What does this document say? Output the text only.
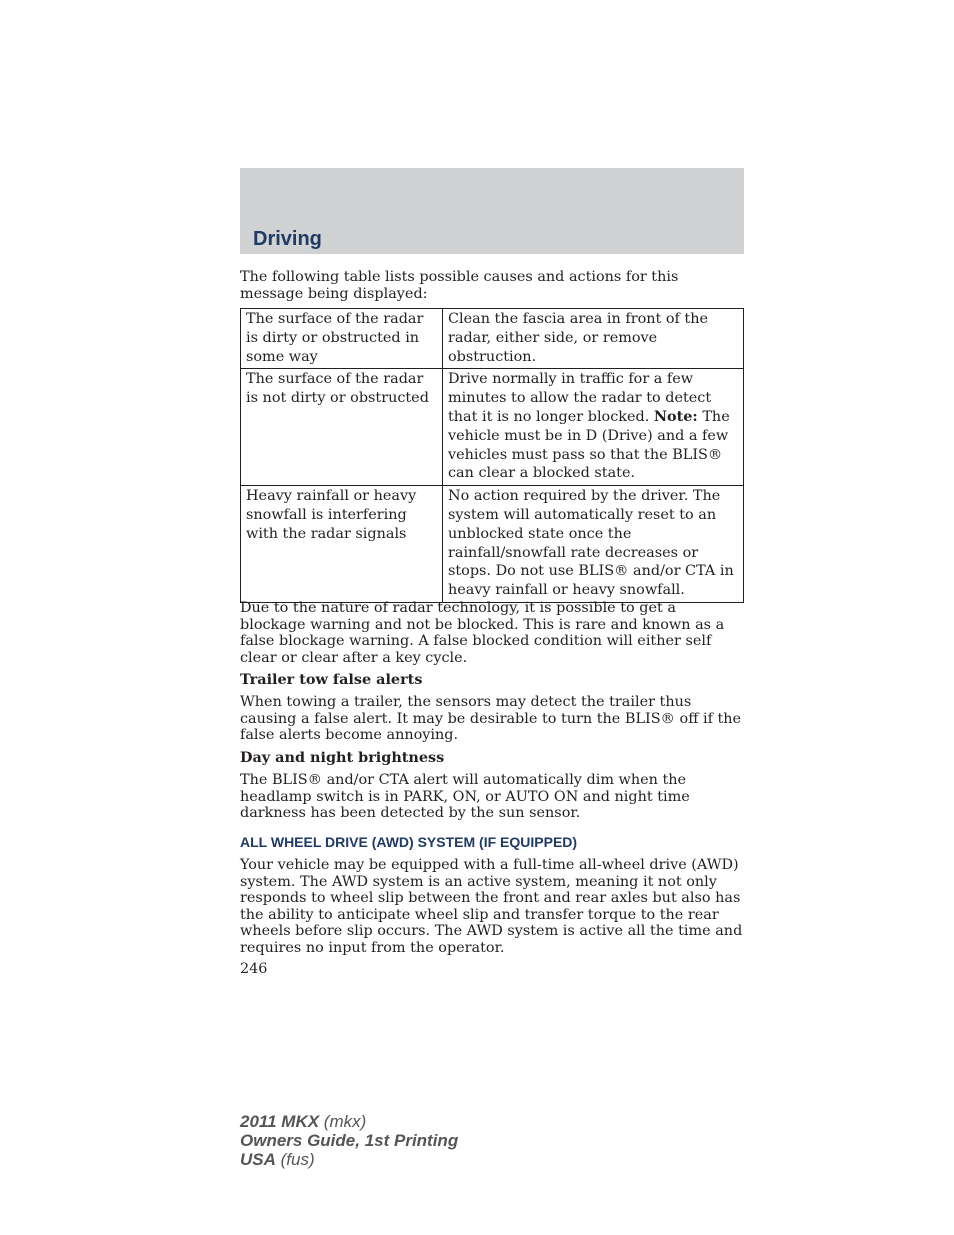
Driving
The following table lists possible causes and actions for this message being displayed:
The surface of the radar is dirty or obstructed in some way	Clean the fascia area in front of the radar, either side, or remove obstruction.
The surface of the radar is not dirty or obstructed	Drive normally in traffic for a few minutes to allow the radar to detect that it is no longer blocked. Note: The vehicle must be in D (Drive) and a few vehicles must pass so that the BLIS® can clear a blocked state.
Heavy rainfall or heavy snowfall is interfering with the radar signals	No action required by the driver. The system will automatically reset to an unblocked state once the rainfall/snowfall rate decreases or stops. Do not use BLIS® and/or CTA in heavy rainfall or heavy snowfall.
Due to the nature of radar technology, it is possible to get a blockage warning and not be blocked. This is rare and known as a false blockage warning. A false blocked condition will either self clear or clear after a key cycle.
Trailer tow false alerts
When towing a trailer, the sensors may detect the trailer thus causing a false alert. It may be desirable to turn the BLIS® off if the false alerts become annoying.
Day and night brightness
The BLIS® and/or CTA alert will automatically dim when the headlamp switch is in PARK, ON, or AUTO ON and night time darkness has been detected by the sun sensor.
ALL WHEEL DRIVE (AWD) SYSTEM (IF EQUIPPED)
Your vehicle may be equipped with a full-time all-wheel drive (AWD) system. The AWD system is an active system, meaning it not only responds to wheel slip between the front and rear axles but also has the ability to anticipate wheel slip and transfer torque to the rear wheels before slip occurs. The AWD system is active all the time and requires no input from the operator.
246
2011 MKX (mkx)
Owners Guide, 1st Printing
USA (fus)
